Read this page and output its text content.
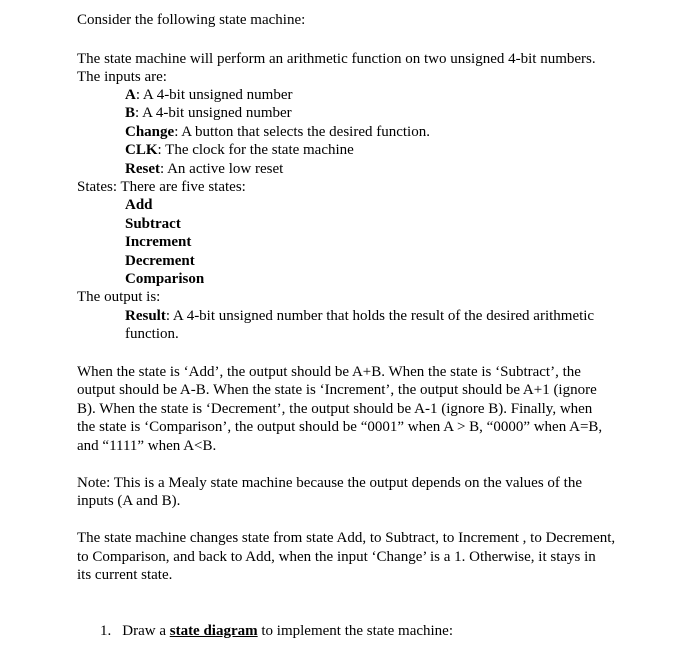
Consider the following state machine:
The state machine will perform an arithmetic function on two unsigned 4-bit numbers.
The inputs are:
A: A 4-bit unsigned number
B: A 4-bit unsigned number
Change: A button that selects the desired function.
CLK: The clock for the state machine
Reset: An active low reset
States: There are five states:
Add
Subtract
Increment
Decrement
Comparison
The output is:
Result: A 4-bit unsigned number that holds the result of the desired arithmetic
function.
When the state is ‘Add’, the output should be A+B. When the state is ‘Subtract’, the
output should be A-B. When the state is ‘Increment’, the output should be A+1 (ignore
B). When the state is ‘Decrement’, the output should be A-1 (ignore B). Finally, when
the state is ‘Comparison’, the output should be “0001” when A > B, “0000” when A=B,
and “1111” when A<B.
Note: This is a Mealy state machine because the output depends on the values of the
inputs (A and B).
The state machine changes state from state Add, to Subtract, to Increment , to Decrement,
to Comparison, and back to Add, when the input ‘Change’ is a 1. Otherwise, it stays in
its current state.
1. Draw a state diagram to implement the state machine:
